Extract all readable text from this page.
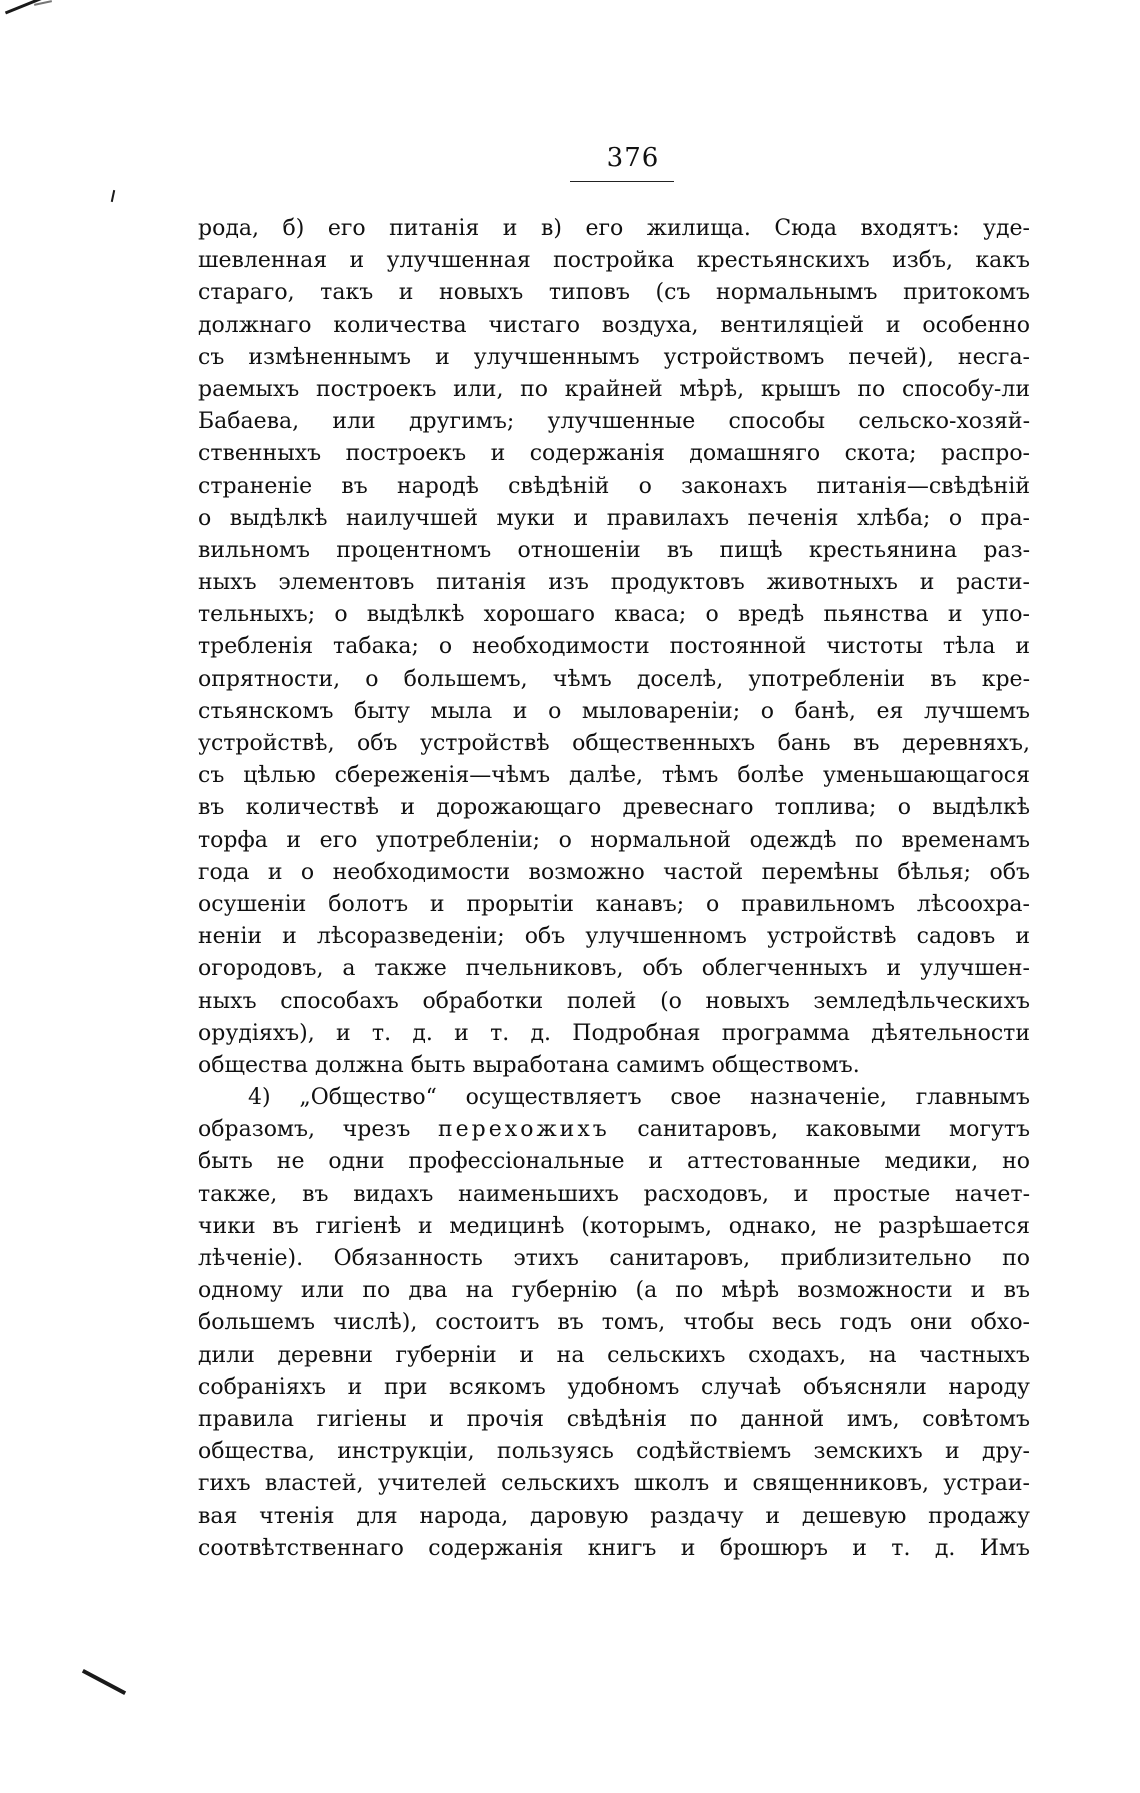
376
рода, б) его питанія и в) его жилища. Сюда входятъ: уде-
шевленная и улучшенная постройка крестьянскихъ избъ, какъ
стараго, такъ и новыхъ типовъ (съ нормальнымъ притокомъ
должнаго количества чистаго воздуха, вентиляціей и особенно
съ измѣненнымъ и улучшеннымъ устройствомъ печей), несга-
раемыхъ построекъ или, по крайней мѣрѣ, крышъ по способу-ли
Бабаева, или другимъ; улучшенные способы сельско-хозяй-
ственныхъ построекъ и содержанія домашняго скота; распро-
страненіе въ народѣ свѣдѣній о законахъ питанія—свѣдѣній
о выдѣлкѣ наилучшей муки и правилахъ печенія хлѣба; о пра-
вильномъ процентномъ отношеніи въ пищѣ крестьянина раз-
ныхъ элементовъ питанія изъ продуктовъ животныхъ и расти-
тельныхъ; о выдѣлкѣ хорошаго кваса; о вредѣ пьянства и упо-
требленія табака; о необходимости постоянной чистоты тѣла и
опрятности, о большемъ, чѣмъ доселѣ, употребленіи въ кре-
стьянскомъ быту мыла и о мыловареніи; о банѣ, ея лучшемъ
устройствѣ, объ устройствѣ общественныхъ бань въ деревняхъ,
съ цѣлью сбереженія—чѣмъ далѣе, тѣмъ болѣе уменьшающагося
въ количествѣ и дорожающаго древеснаго топлива; о выдѣлкѣ
торфа и его употребленіи; о нормальной одеждѣ по временамъ
года и о необходимости возможно частой перемѣны бѣлья; объ
осушеніи болотъ и прорытіи канавъ; о правильномъ лѣсоохра-
неніи и лѣсоразведеніи; объ улучшенномъ устройствѣ садовъ и
огородовъ, а также пчельниковъ, объ облегченныхъ и улучшен-
ныхъ способахъ обработки полей (о новыхъ земледѣльческихъ
орудіяхъ), и т. д. и т. д. Подробная программа дѣятельности
общества должна быть выработана самимъ обществомъ.
4) „Общество“ осуществляетъ свое назначеніе, главнымъ
образомъ, чрезъ перехожихъ санитаровъ, каковыми могутъ
быть не одни профессіональные и аттестованные медики, но
также, въ видахъ наименьшихъ расходовъ, и простые начет-
чики въ гигіенѣ и медицинѣ (которымъ, однако, не разрѣшается
лѣченіе). Обязанность этихъ санитаровъ, приблизительно по
одному или по два на губернію (а по мѣрѣ возможности и въ
большемъ числѣ), состоитъ въ томъ, чтобы весь годъ они обхо-
дили деревни губерніи и на сельскихъ сходахъ, на частныхъ
собраніяхъ и при всякомъ удобномъ случаѣ объясняли народу
правила гигіены и прочія свѣдѣнія по данной имъ, совѣтомъ
общества, инструкціи, пользуясь содѣйствіемъ земскихъ и дру-
гихъ властей, учителей сельскихъ школъ и священниковъ, устраи-
вая чтенія для народа, даровую раздачу и дешевую продажу
соотвѣтственнаго содержанія книгъ и брошюръ и т. д. Имъ
